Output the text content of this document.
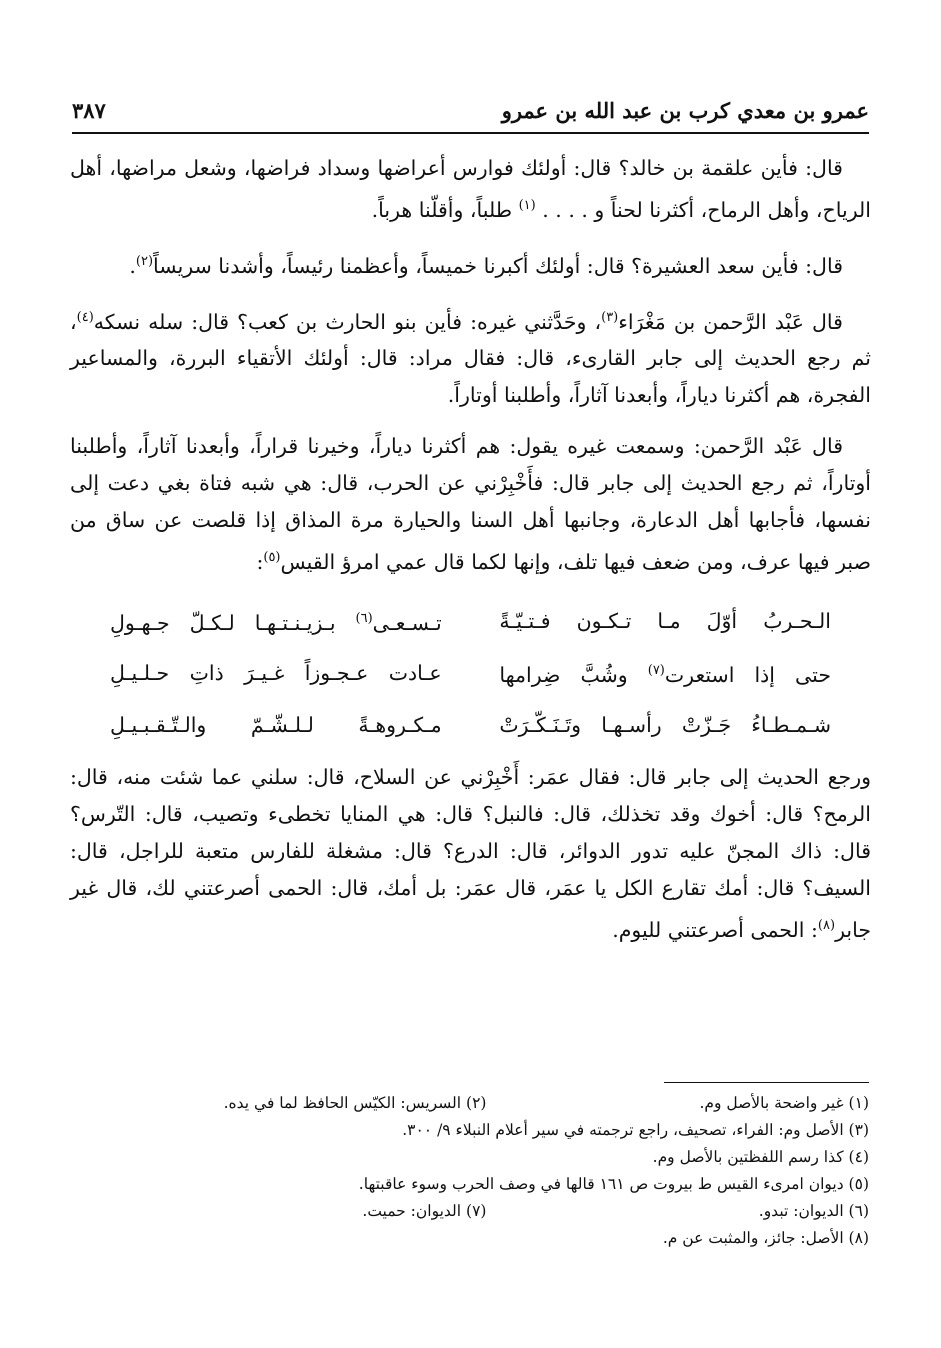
عمرو بن معدي كرب بن عبد الله بن عمرو
٣٨٧

قال: فأين علقمة بن خالد؟ قال: أولئك فوارس أعراضها وسداد فراضها، وشعل مراضها، أهل الرياح، وأهل الرماح، أكثرنا لحناً و . . . . $^{(١)}$ طلباً، وأقلّنا هرباً.

قال: فأين سعد العشيرة؟ قال: أولئك أكبرنا خميساً، وأعظمنا رئيساً، وأشدنا سريساً$^{(٢)}$.

قال عَبْد الرَّحمن بن مَغْرَاء$^{(٣)}$، وحَدَّثني غيره: فأين بنو الحارث بن كعب؟ قال: سله نسكه$^{(٤)}$، ثم رجع الحديث إلى جابر القارىء، قال: فقال مراد: قال: أولئك الأتقياء البررة، والمساعير الفجرة، هم أكثرنا دياراً، وأبعدنا آثاراً، وأطلبنا أوتاراً.

قال عَبْد الرَّحمن: وسمعت غيره يقول: هم أكثرنا دياراً، وخيرنا قراراً، وأبعدنا آثاراً، وأطلبنا أوتاراً، ثم رجع الحديث إلى جابر قال: فأَخْبِرْني عن الحرب، قال: هي شبه فتاة بغي دعت إلى نفسها، فأجابها أهل الدعارة، وجانبها أهل السنا والحيارة مرة المذاق إذا قلصت عن ساق من صبر فيها عرف، ومن ضعف فيها تلف، وإنها لكما قال عمي امرؤ القيس$^{(٥)}$:

الـحـربُ أوّلَ مـا تـكـون فـتـيّـةً
تـسـعـى$^{(٦)}$ بـزيـنـتـهـا لـكـلّ جـهـولِ
حتى إذا استعرت$^{(٧)}$ وشُبَّ ضِرامها
عـادت عـجـوزاً غـيـرَ ذاتِ حـلـيـلِ
شـمـطـاءُ جَـزّتْ رأسـهـا وتَـنَـكّـرَتْ
مـكـروهـةً لـلـشّـمّ والـتّـقـبـيـلِ

ورجع الحديث إلى جابر قال: فقال عمَر: أَخْبِرْني عن السلاح، قال: سلني عما شئت منه، قال: الرمح؟ قال: أخوك وقد تخذلك، قال: فالنبل؟ قال: هي المنايا تخطىء وتصيب، قال: التّرس؟ قال: ذاك المجنّ عليه تدور الدوائر، قال: الدرع؟ قال: مشغلة للفارس متعبة للراجل، قال: السيف؟ قال: أمك تقارع الكل يا عمَر، قال عمَر: بل أمك، قال: الحمى أصرعتني لك، قال غير جابر$^{(٨)}$: الحمى أصرعتني لليوم.

(١) غير واضحة بالأصل وم.
(٢) السريس: الكيّس الحافظ لما في يده.
(٣) الأصل وم: الفراء، تصحيف، راجع ترجمته في سير أعلام النبلاء ٩/ ٣٠٠.
(٤) كذا رسم اللفظتين بالأصل وم.
(٥) ديوان امرىء القيس ط بيروت ص ١٦١ قالها في وصف الحرب وسوء عاقبتها.
(٦) الديوان: تبدو.
(٧) الديوان: حميت.
(٨) الأصل: جائز، والمثبت عن م.
